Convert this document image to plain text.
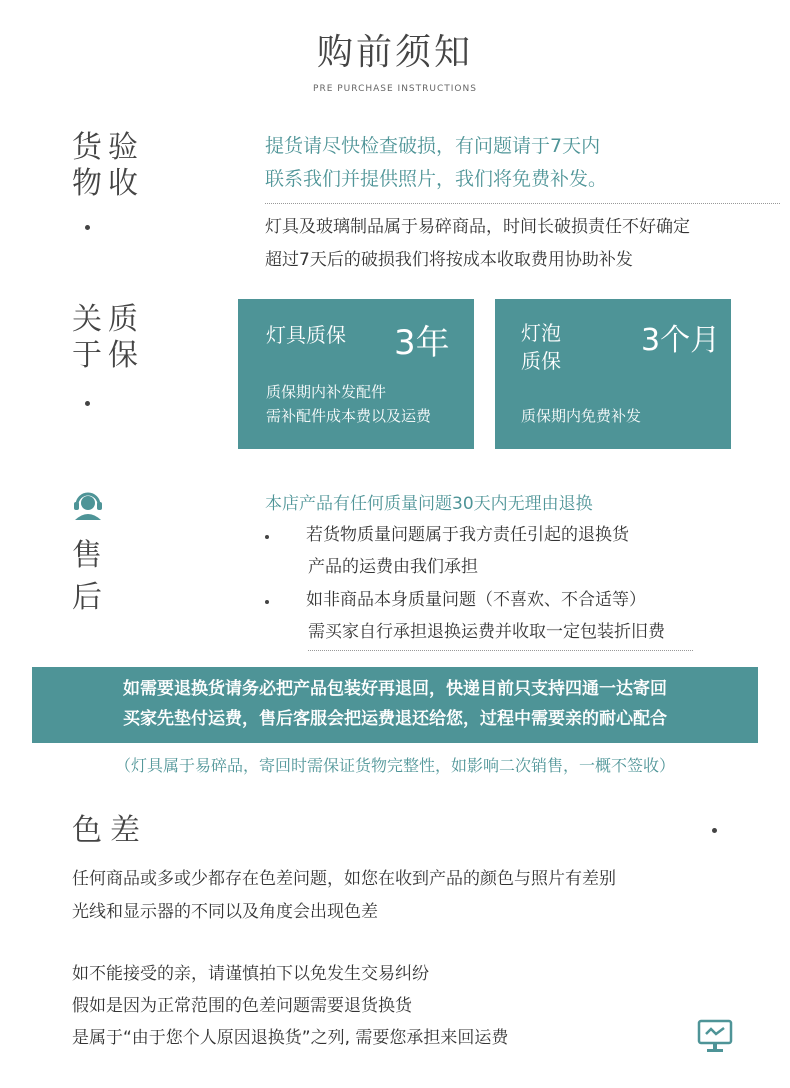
购前须知
PRE PURCHASE INSTRUCTIONS
货物
验收
提货请尽快检查破损，有问题请于7天内
联系我们并提供照片，我们将免费补发。
灯具及玻璃制品属于易碎商品，时间长破损责任不好确定
超过7天后的破损我们将按成本收取费用协助补发
关于
质保
灯具质保 3年
质保期内补发配件
需补配件成本费以及运费
灯泡
质保
3个月
质保期内免费补发
售
后
本店产品有任何质量问题30天内无理由退换
若货物质量问题属于我方责任引起的退换货
产品的运费由我们承担
如非商品本身质量问题（不喜欢、不合适等）
需买家自行承担退换运费并收取一定包装折旧费
如需要退换货请务必把产品包装好再退回，快递目前只支持四通一达寄回
买家先垫付运费，售后客服会把运费退还给您，过程中需要亲的耐心配合
（灯具属于易碎品，寄回时需保证货物完整性，如影响二次销售，一概不签收）
色差
任何商品或多或少都存在色差问题，如您在收到产品的颜色与照片有差别
光线和显示器的不同以及角度会出现色差
如不能接受的亲，请谨慎拍下以免发生交易纠纷
假如是因为正常范围的色差问题需要退货换货
是属于“由于您个人原因退换货”之列, 需要您承担来回运费
